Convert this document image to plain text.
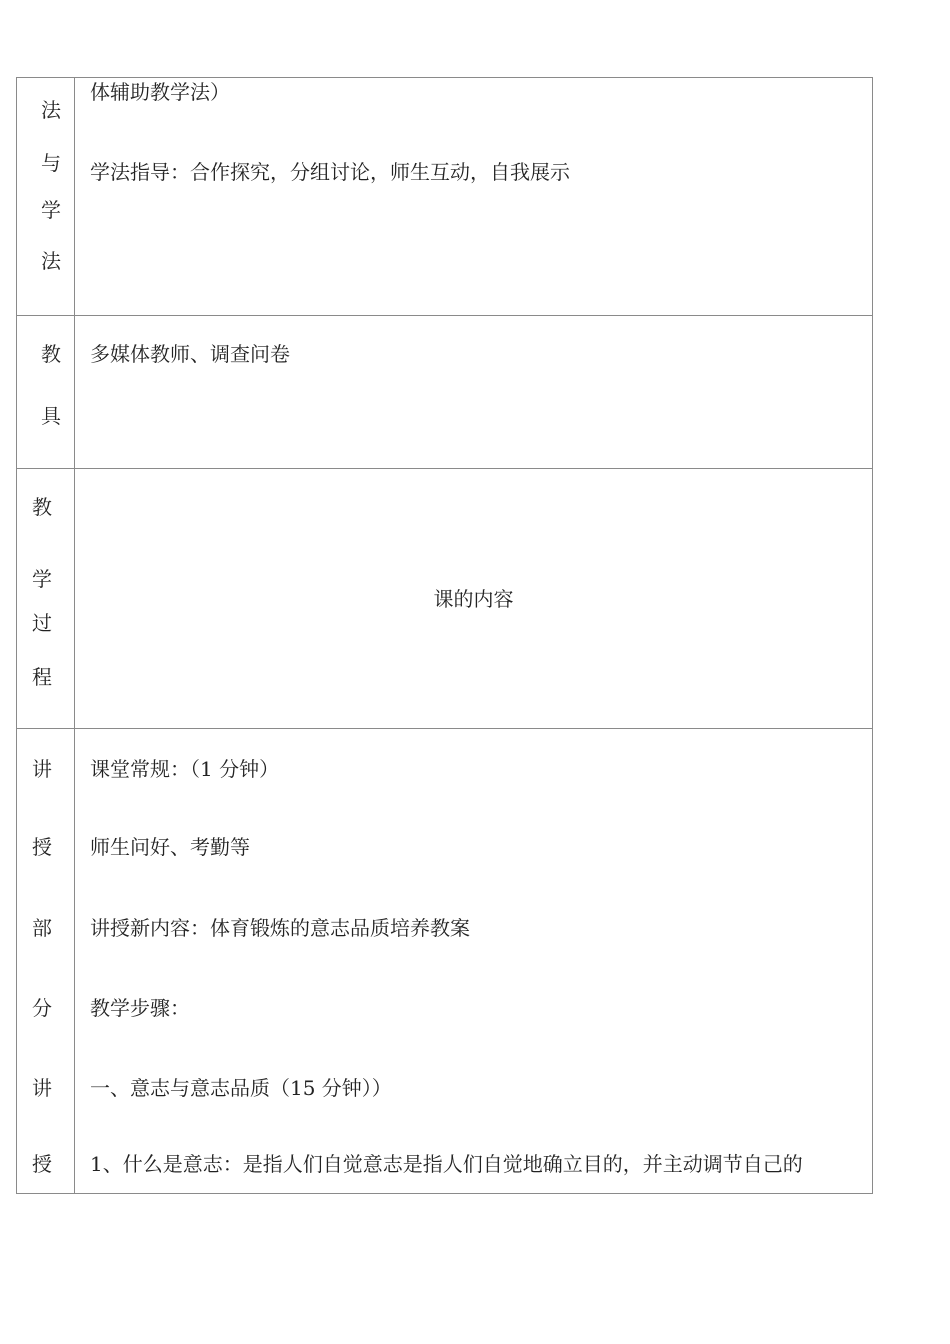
法
与
学
法
体辅助教学法）
学法指导：合作探究，分组讨论，师生互动，自我展示
教
具
多媒体教师、调查问卷
教
学
过
程
课的内容
讲
授
部
分
讲
授
课堂常规：（1 分钟）
师生问好、考勤等
讲授新内容：体育锻炼的意志品质培养教案
教学步骤：
一、意志与意志品质（15 分钟））
1、什么是意志：是指人们自觉意志是指人们自觉地确立目的，并主动调节自己的
